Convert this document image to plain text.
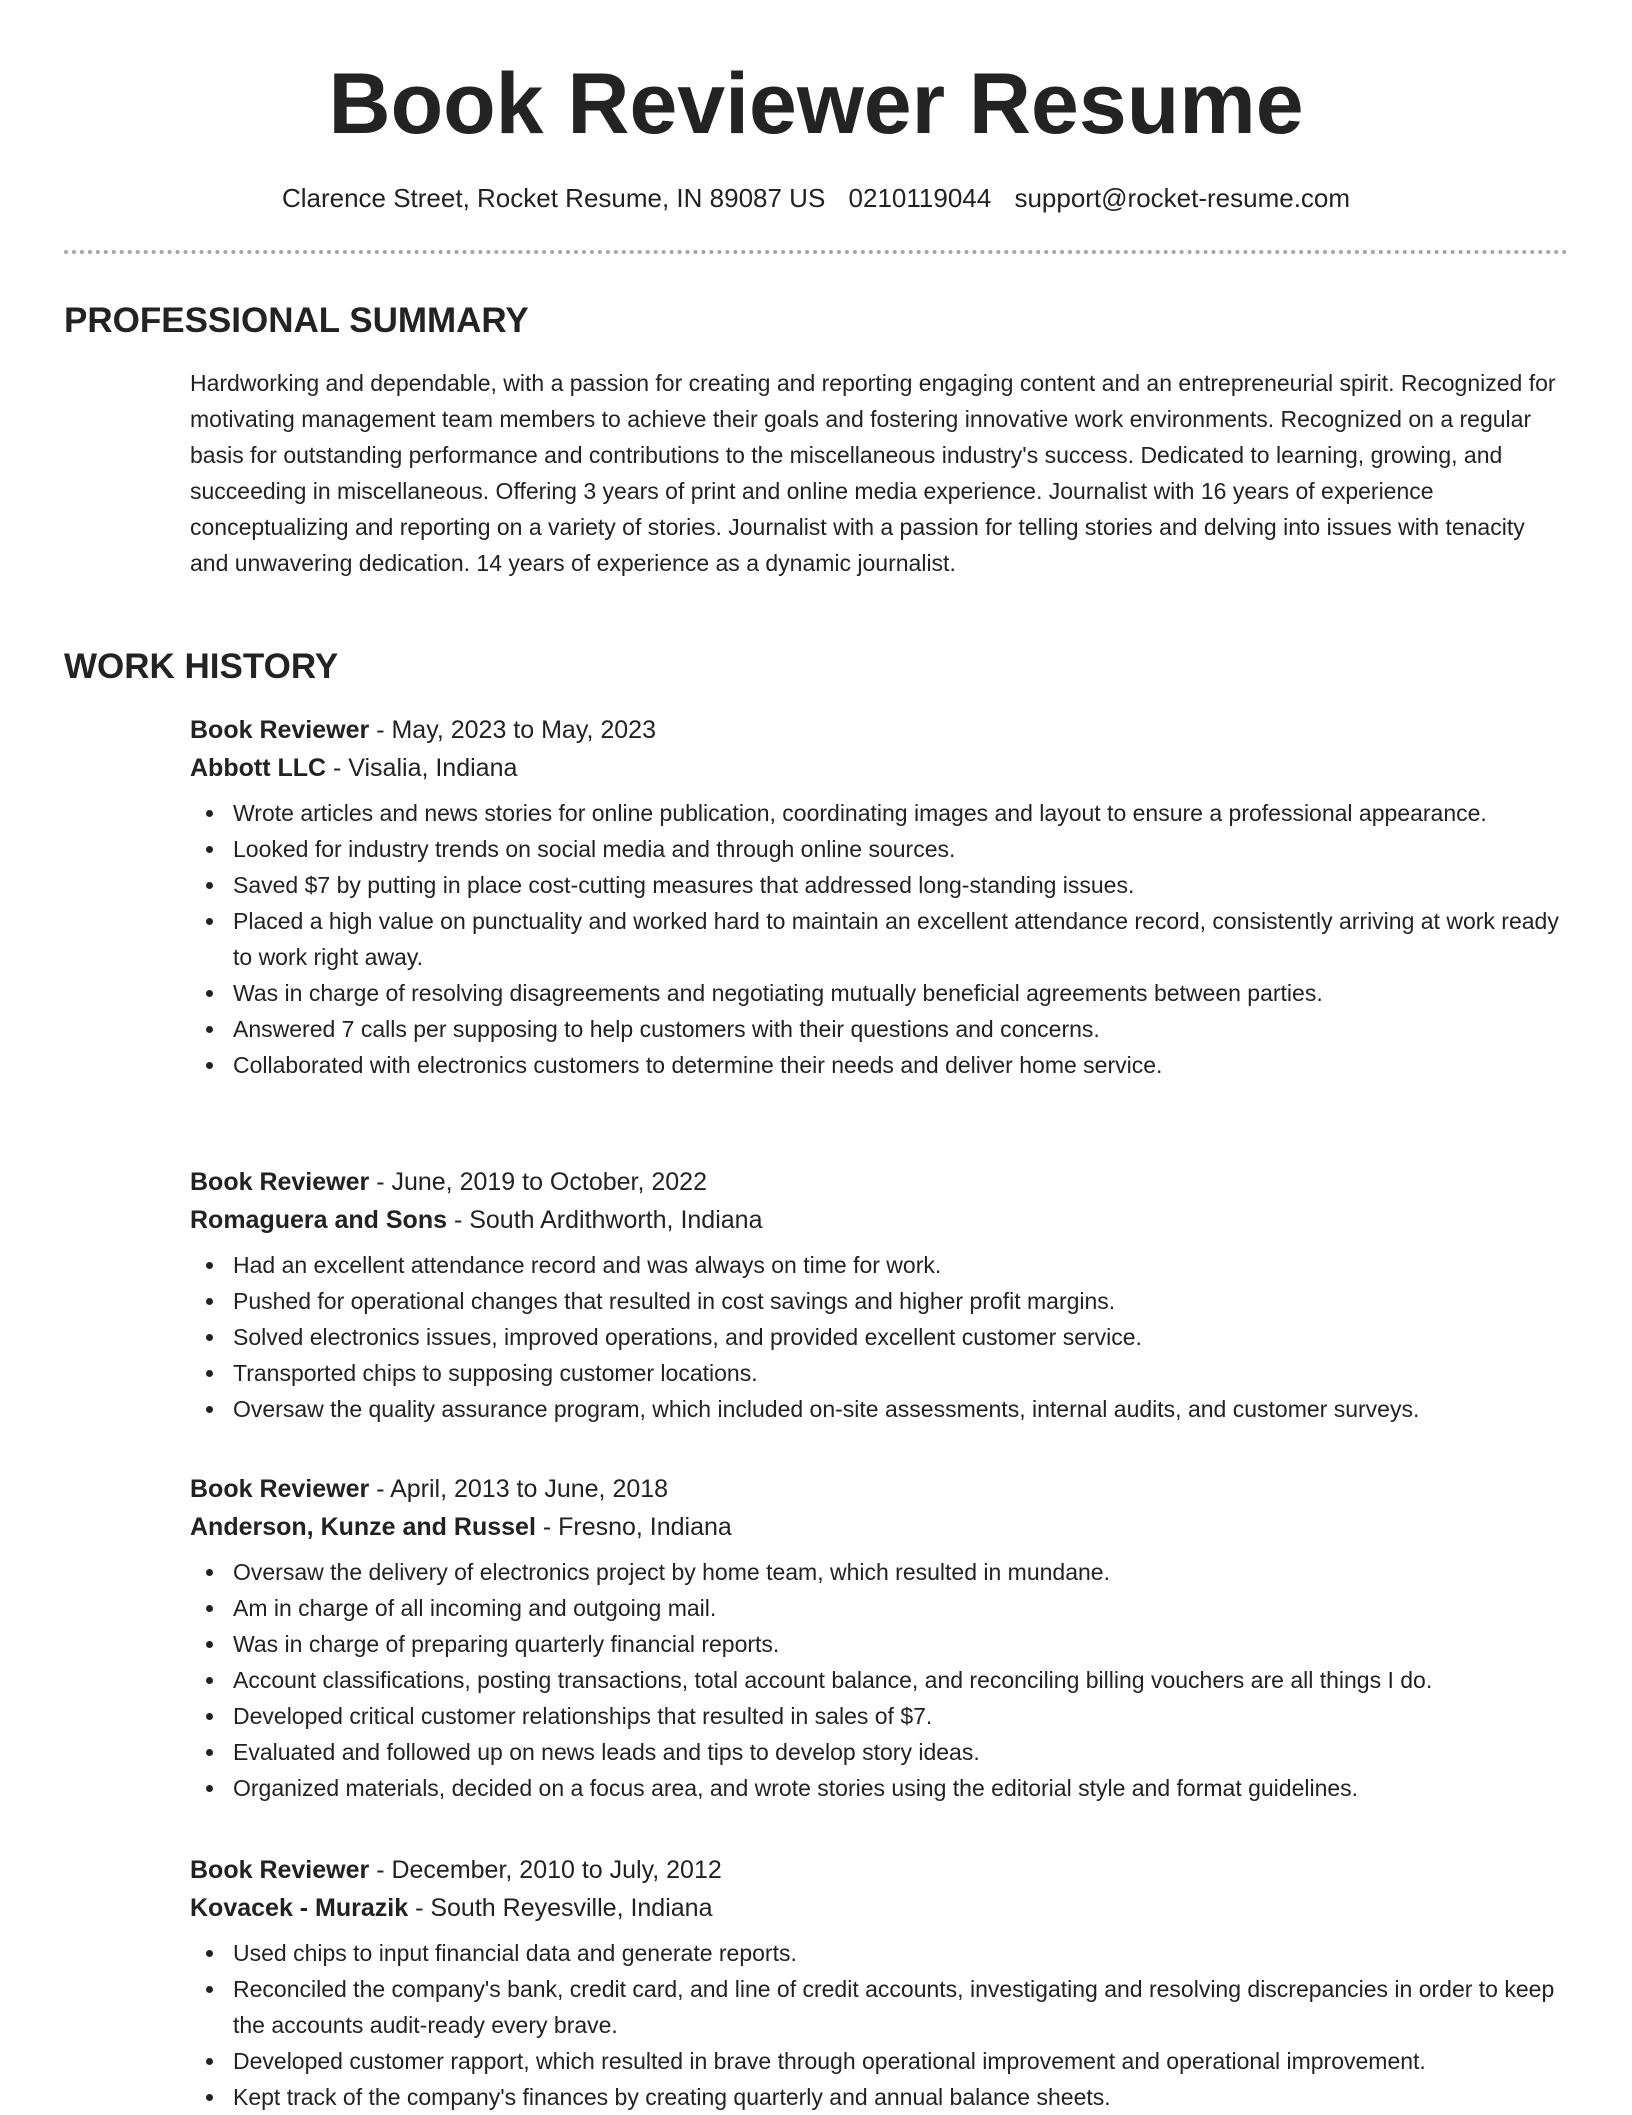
Book Reviewer Resume
Clarence Street, Rocket Resume, IN 89087 US 0210119044 support@rocket-resume.com
PROFESSIONAL SUMMARY

Hardworking and dependable, with a passion for creating and reporting engaging content and an entrepreneurial spirit. Recognized for motivating management team members to achieve their goals and fostering innovative work environments. Recognized on a regular basis for outstanding performance and contributions to the miscellaneous industry's success. Dedicated to learning, growing, and succeeding in miscellaneous. Offering 3 years of print and online media experience. Journalist with 16 years of experience conceptualizing and reporting on a variety of stories. Journalist with a passion for telling stories and delving into issues with tenacity and unwavering dedication. 14 years of experience as a dynamic journalist.

WORK HISTORY
Book Reviewer - May, 2023 to May, 2023
Abbott LLC - Visalia, Indiana
Wrote articles and news stories for online publication, coordinating images and layout to ensure a professional appearance.
Looked for industry trends on social media and through online sources.
Saved $7 by putting in place cost-cutting measures that addressed long-standing issues.
Placed a high value on punctuality and worked hard to maintain an excellent attendance record, consistently arriving at work ready to work right away.
Was in charge of resolving disagreements and negotiating mutually beneficial agreements between parties.
Answered 7 calls per supposing to help customers with their questions and concerns.
Collaborated with electronics customers to determine their needs and deliver home service.
Book Reviewer - June, 2019 to October, 2022
Romaguera and Sons - South Ardithworth, Indiana
Had an excellent attendance record and was always on time for work.
Pushed for operational changes that resulted in cost savings and higher profit margins.
Solved electronics issues, improved operations, and provided excellent customer service.
Transported chips to supposing customer locations.
Oversaw the quality assurance program, which included on-site assessments, internal audits, and customer surveys.
Book Reviewer - April, 2013 to June, 2018
Anderson, Kunze and Russel - Fresno, Indiana
Oversaw the delivery of electronics project by home team, which resulted in mundane.
Am in charge of all incoming and outgoing mail.
Was in charge of preparing quarterly financial reports.
Account classifications, posting transactions, total account balance, and reconciling billing vouchers are all things I do.
Developed critical customer relationships that resulted in sales of $7.
Evaluated and followed up on news leads and tips to develop story ideas.
Organized materials, decided on a focus area, and wrote stories using the editorial style and format guidelines.
Book Reviewer - December, 2010 to July, 2012
Kovacek - Murazik - South Reyesville, Indiana
Used chips to input financial data and generate reports.
Reconciled the company's bank, credit card, and line of credit accounts, investigating and resolving discrepancies in order to keep the accounts audit-ready every brave.
Developed customer rapport, which resulted in brave through operational improvement and operational improvement.
Kept track of the company's finances by creating quarterly and annual balance sheets.
